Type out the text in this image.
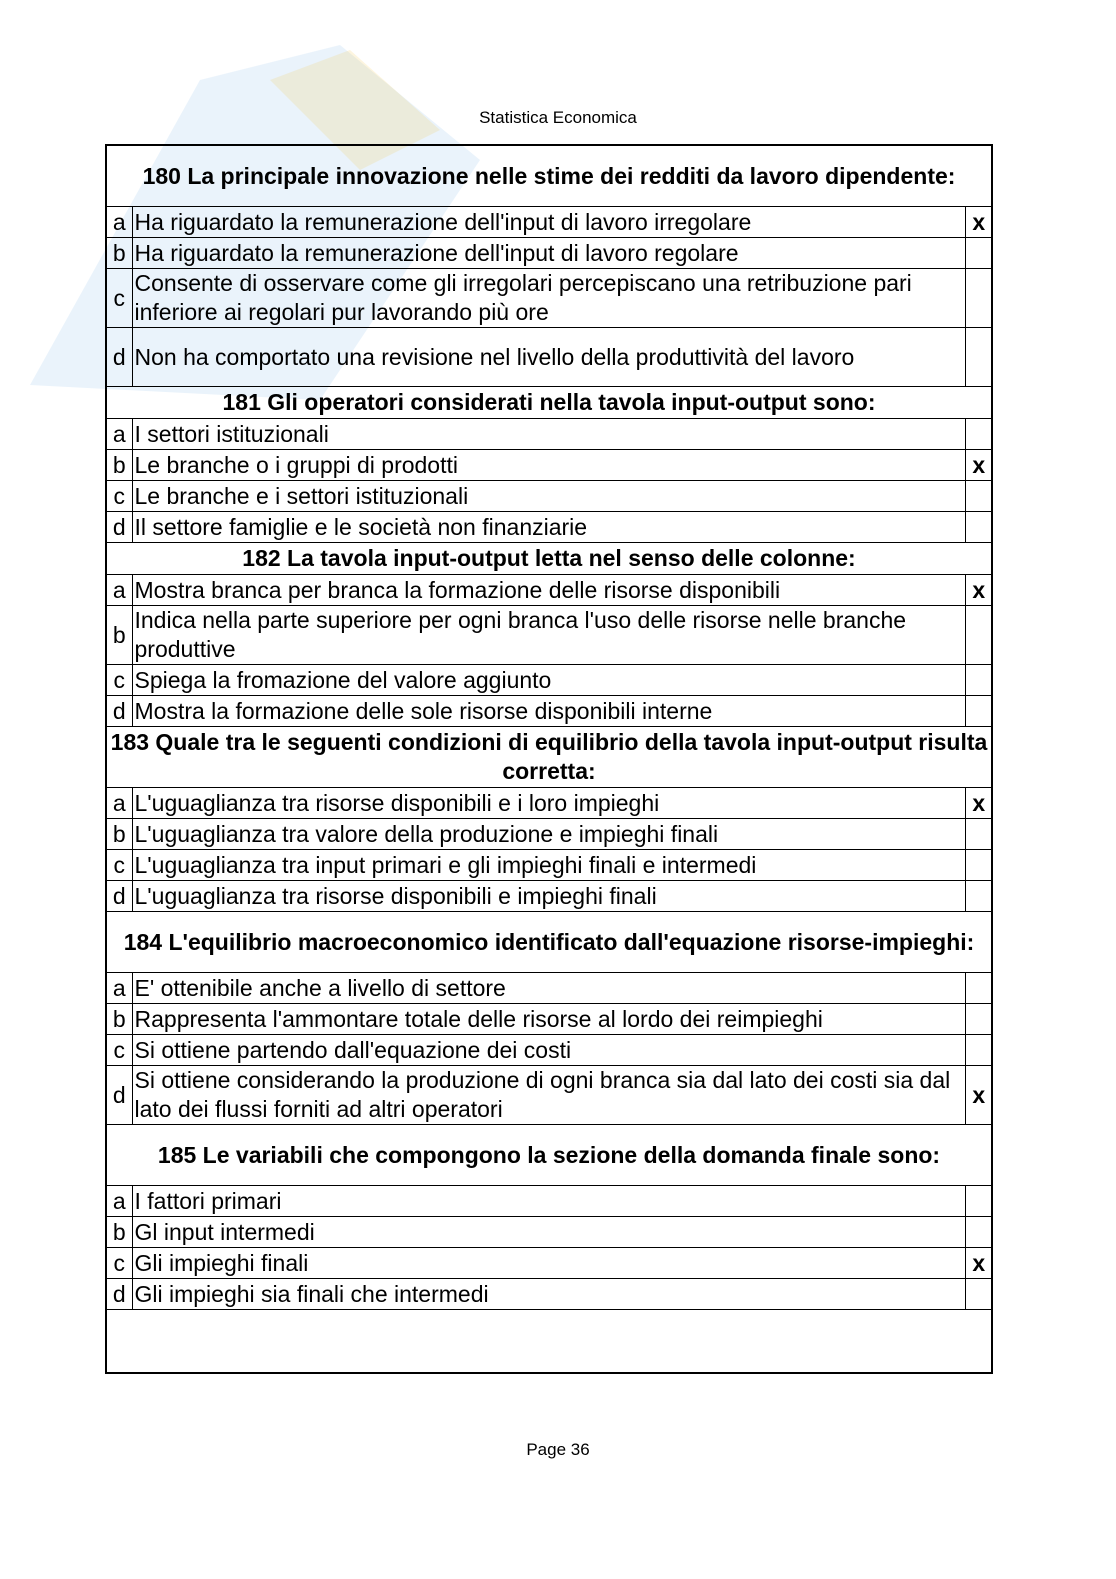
Statistica Economica
180 La principale innovazione nelle stime dei redditi da lavoro dipendente:		
a	Ha riguardato la remunerazione dell'input di lavoro irregolare	x
b	Ha riguardato la remunerazione dell'input di lavoro regolare	
c	Consente di osservare come gli irregolari percepiscano una retribuzione pari inferiore ai regolari pur lavorando più ore	
d	Non ha comportato una revisione nel livello della produttività del lavoro	
181 Gli operatori considerati nella tavola input-output sono:		
a	I settori istituzionali	
b	Le branche o i gruppi di prodotti	x
c	Le branche e i settori istituzionali	
d	Il settore famiglie e le società non finanziarie	
182 La tavola input-output letta nel senso delle colonne:		
a	Mostra branca per branca la formazione delle risorse disponibili	x
b	Indica nella parte superiore per ogni branca l'uso delle risorse nelle branche produttive	
c	Spiega la fromazione del valore aggiunto	
d	Mostra la formazione delle sole risorse disponibili interne	
183 Quale tra le seguenti condizioni di equilibrio della tavola input-output risulta corretta:		
a	L'uguaglianza tra risorse disponibili e i loro impieghi	x
b	L'uguaglianza tra valore della produzione e impieghi finali	
c	L'uguaglianza tra input primari e gli impieghi finali e intermedi	
d	L'uguaglianza tra risorse disponibili e impieghi finali	
184 L'equilibrio macroeconomico identificato dall'equazione risorse-impieghi:		
a	E' ottenibile anche a livello di settore	
b	Rappresenta l'ammontare totale delle risorse al lordo dei reimpieghi	
c	Si ottiene partendo dall'equazione dei costi	
d	Si ottiene considerando la produzione di ogni branca sia dal lato dei costi sia dal lato dei flussi forniti ad altri operatori	x
185 Le variabili che compongono la sezione della domanda finale sono:		
a	I fattori primari	
b	Gl input intermedi	
c	Gli impieghi finali	x
d	Gli impieghi sia finali che intermedi	

Page 36
